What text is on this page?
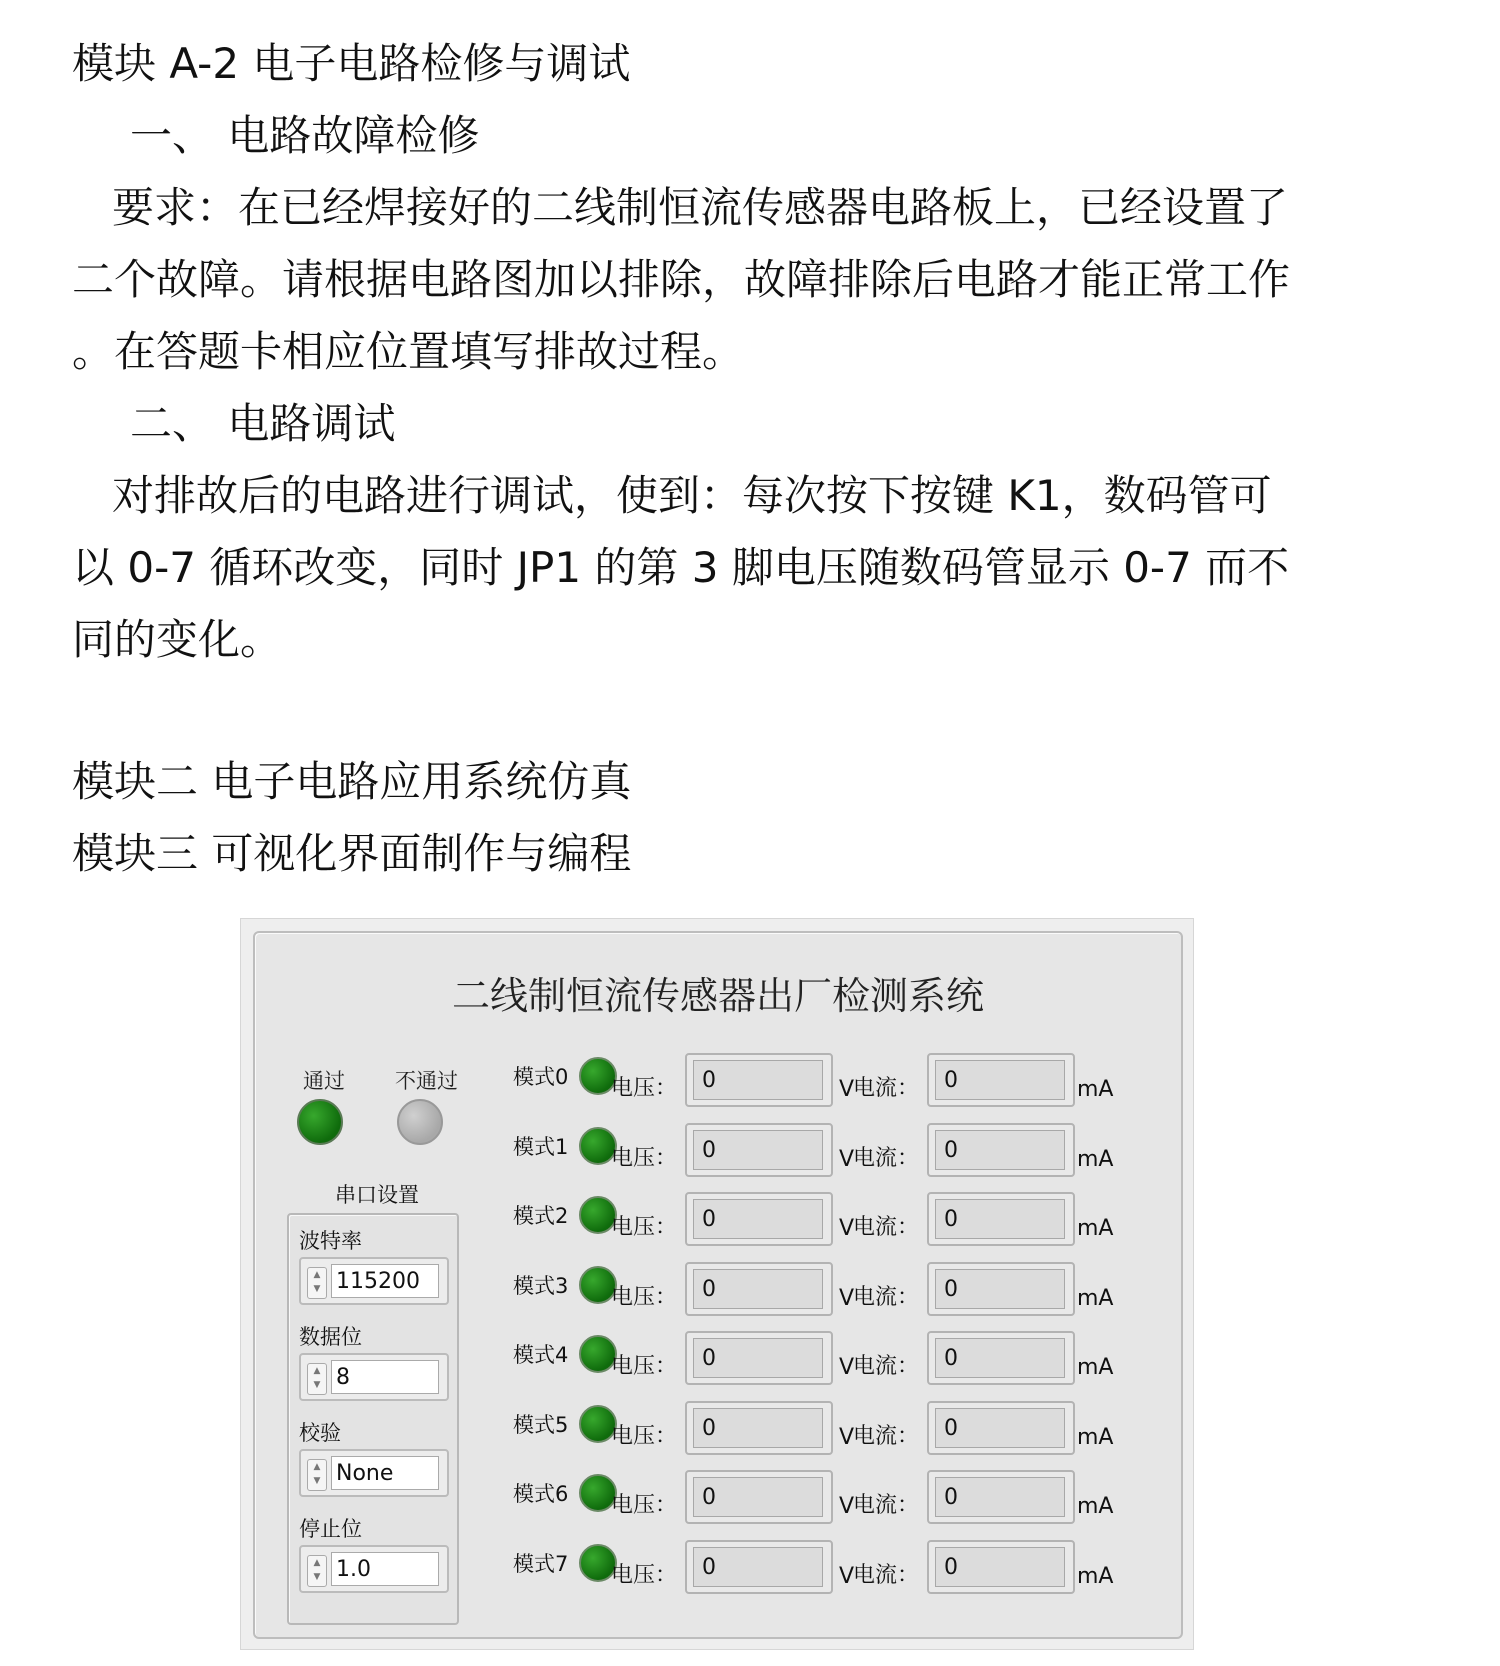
模块 A-2 电子电路检修与调试
一、 电路故障检修
要求：在已经焊接好的二线制恒流传感器电路板上，已经设置了
二个故障。请根据电路图加以排除，故障排除后电路才能正常工作
。在答题卡相应位置填写排故过程。
二、 电路调试
对排故后的电路进行调试，使到：每次按下按键 K1，数码管可
以 0-7 循环改变，同时 JP1 的第 3 脚电压随数码管显示 0-7 而不
同的变化。
模块二 电子电路应用系统仿真
模块三 可视化界面制作与编程
二线制恒流传感器出厂检测系统
通过 不通过
串口设置
波特率
▲
▼ 115200
数据位
▲
▼ 8
校验
▲
▼ None
停止位
▲
▼ 1.0
模式0 电压：	0	V
电流：	0	mA
模式1 电压：	0	V
电流：	0	mA
模式2 电压：	0	V
电流：	0	mA
模式3 电压：	0	V
电流：	0	mA
模式4 电压：	0	V
电流：	0	mA
模式5 电压：	0	V
电流：	0	mA
模式6 电压：	0	V
电流：	0	mA
模式7 电压：	0	V
电流：	0	mA
